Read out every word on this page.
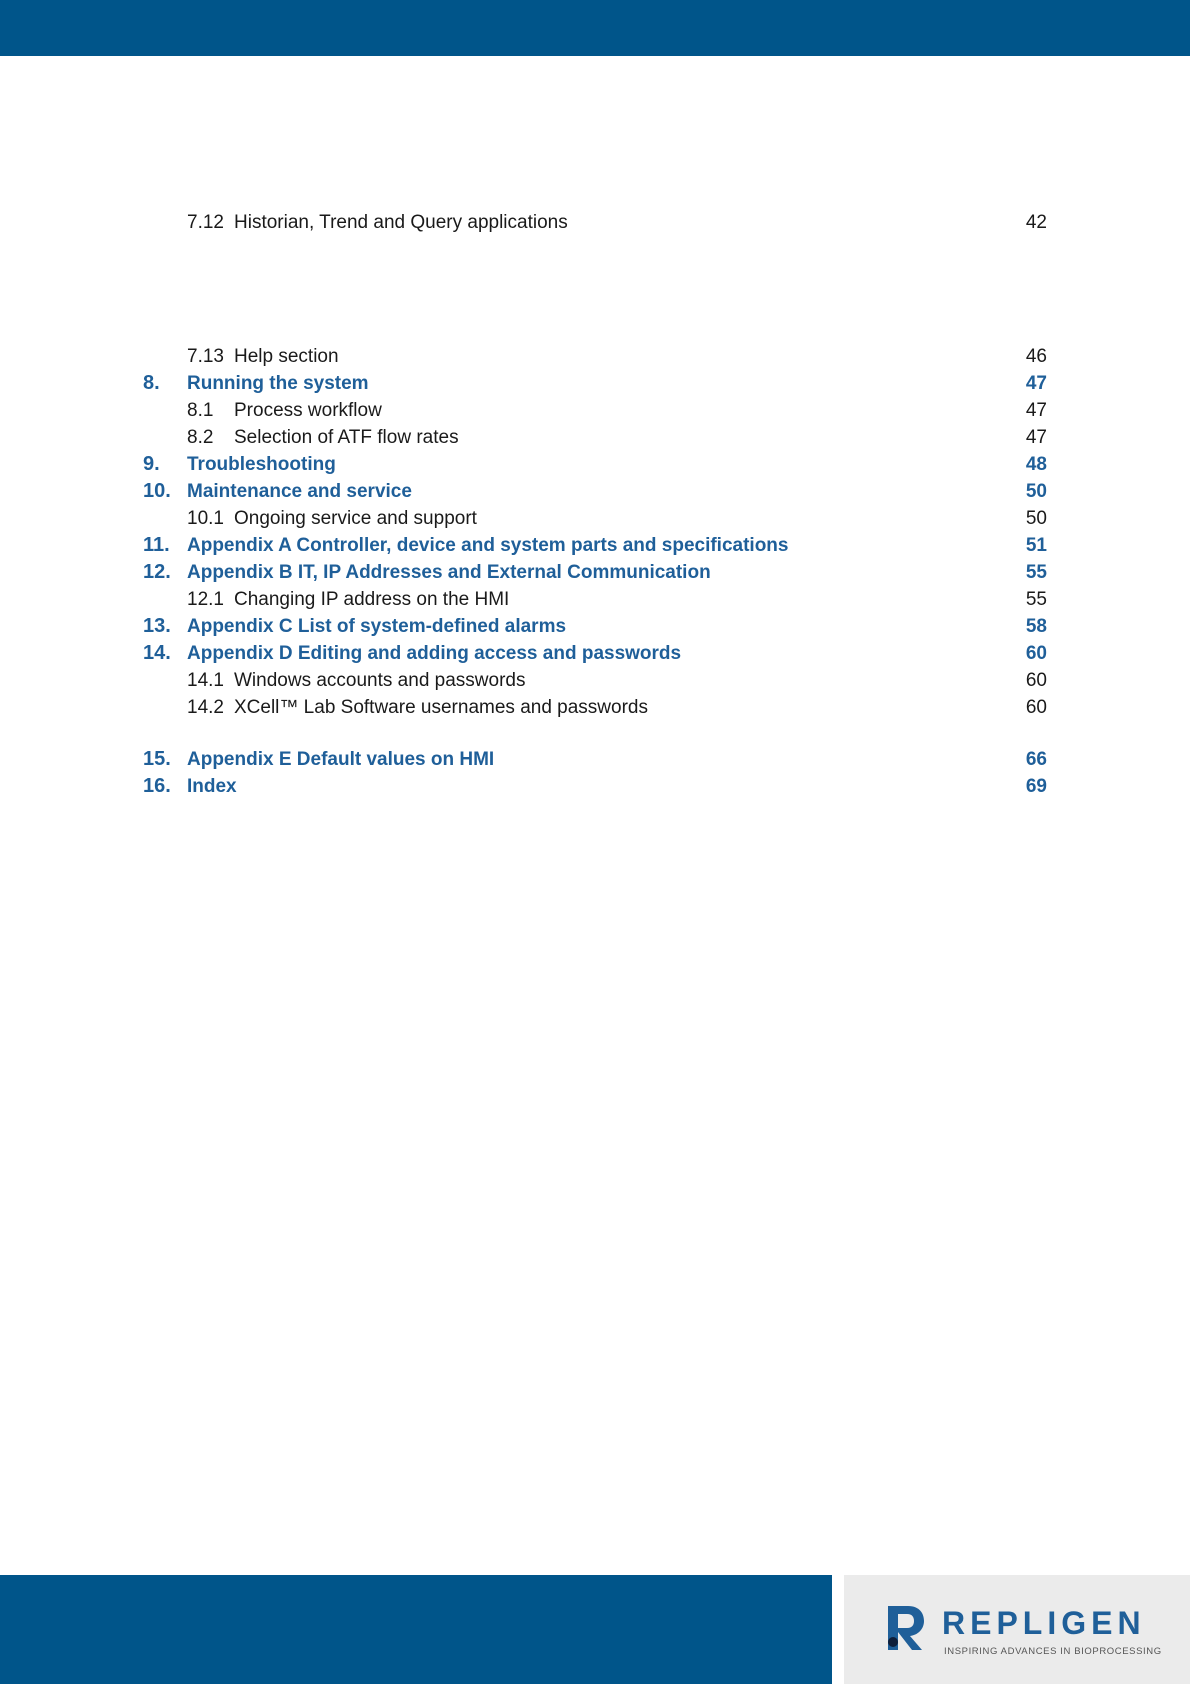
7.12 Historian, Trend and Query applications	42
7.13 Help section	46
8.	Running the system	47
8.1	Process workflow	47
8.2	Selection of ATF flow rates	47
9.	Troubleshooting	48
10. Maintenance and service	50
10.1 Ongoing service and support	50
11. Appendix A Controller, device and system parts and specifications	51
12. Appendix B IT, IP Addresses and External Communication	55
12.1 Changing IP address on the HMI	55
13. Appendix C List of system-defined alarms	58
14. Appendix D Editing and adding access and passwords	60
14.1 Windows accounts and passwords	60
14.2 XCell™ Lab Software usernames and passwords	60
15. Appendix E Default values on HMI	66
16. Index	69
REPLIGEN
INSPIRING ADVANCES IN BIOPROCESSING
